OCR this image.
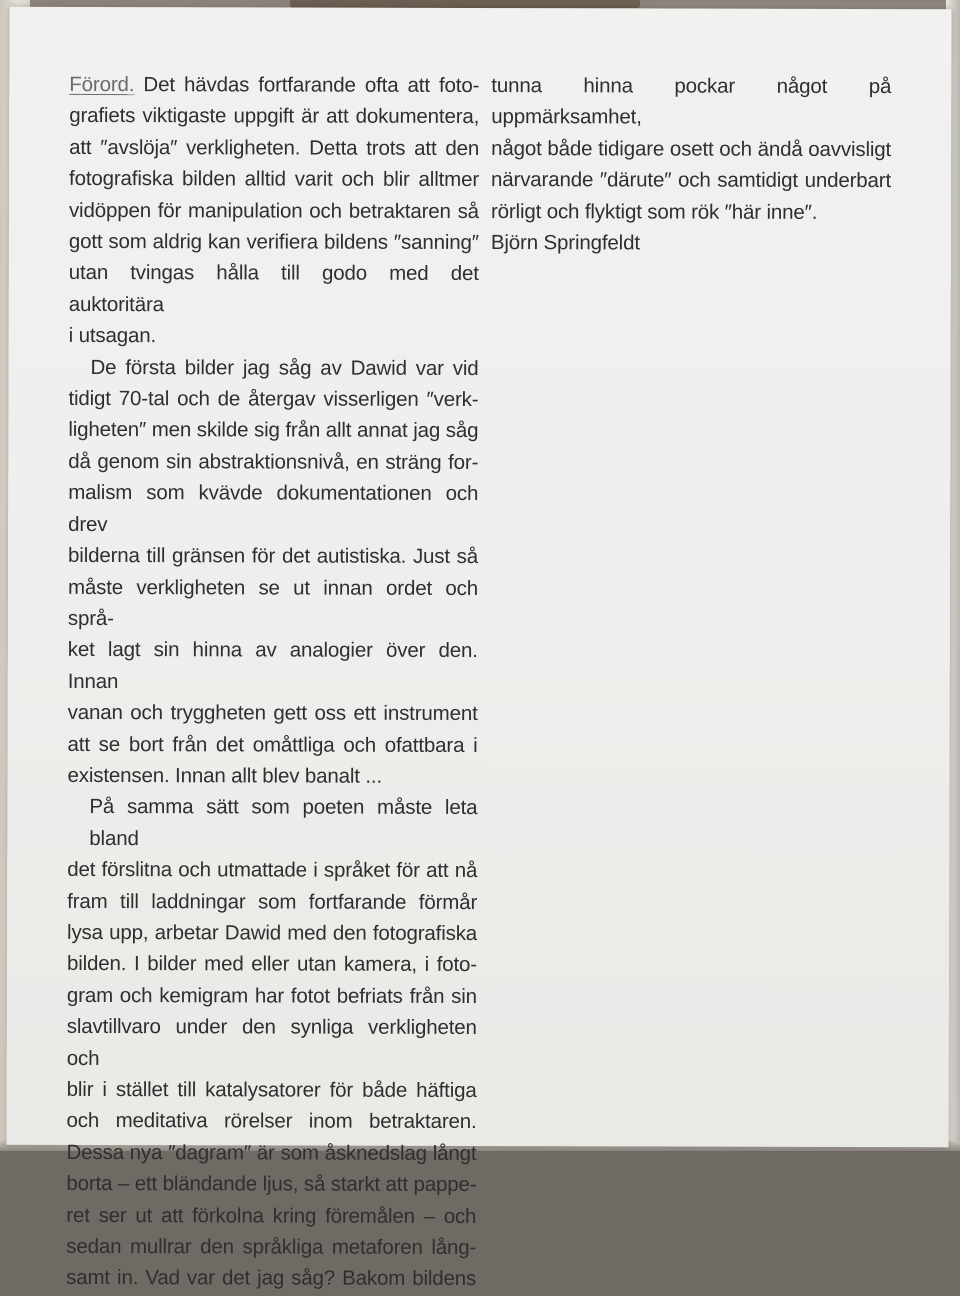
Förord. Det hävdas fortfarande ofta att foto-
grafiets viktigaste uppgift är att dokumentera,
att ″avslöja″ verkligheten. Detta trots att den
fotografiska bilden alltid varit och blir alltmer
vidöppen för manipulation och betraktaren så
gott som aldrig kan verifiera bildens ″sanning″
utan tvingas hålla till godo med det auktoritära
i utsagan.

De första bilder jag såg av Dawid var vid
tidigt 70-tal och de återgav visserligen ″verk-
ligheten″ men skilde sig från allt annat jag såg
då genom sin abstraktionsnivå, en sträng for-
malism som kvävde dokumentationen och drev
bilderna till gränsen för det autistiska. Just så
måste verkligheten se ut innan ordet och språ-
ket lagt sin hinna av analogier över den. Innan
vanan och tryggheten gett oss ett instrument
att se bort från det omåttliga och ofattbara i
existensen. Innan allt blev banalt ...

På samma sätt som poeten måste leta bland
det förslitna och utmattade i språket för att nå
fram till laddningar som fortfarande förmår
lysa upp, arbetar Dawid med den fotografiska
bilden. I bilder med eller utan kamera, i foto-
gram och kemigram har fotot befriats från sin
slavtillvaro under den synliga verkligheten och
blir i stället till katalysatorer för både häftiga
och meditativa rörelser inom betraktaren.
Dessa nya ″dagram″ är som åsknedslag långt
borta – ett bländande ljus, så starkt att pappe-
ret ser ut att förkolna kring föremålen – och
sedan mullrar den språkliga metaforen lång-
samt in. Vad var det jag såg? Bakom bildens

tunna hinna pockar något på uppmärksamhet,
något både tidigare osett och ändå oavvisligt
närvarande ″därute″ och samtidigt underbart
rörligt och flyktigt som rök ″här inne″.

Björn Springfeldt
